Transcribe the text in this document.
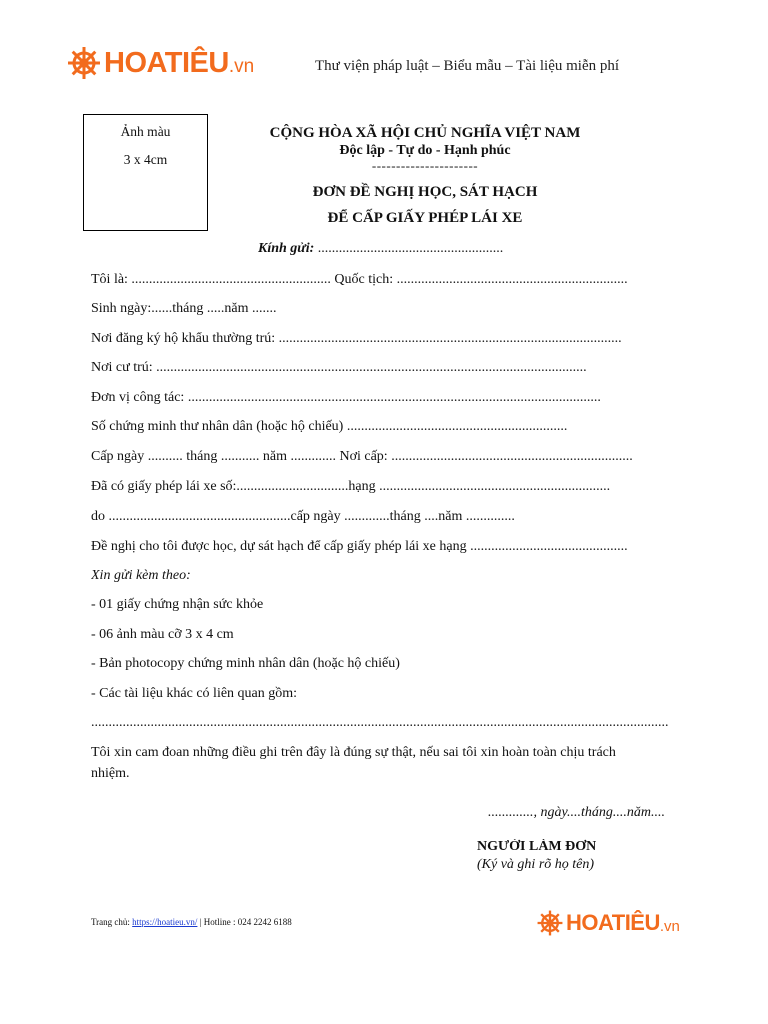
HOATIÊU .vn	Thư viện pháp luật – Biểu mẫu – Tài liệu miễn phí
Ảnh màu
3 x 4cm
CỘNG HÒA XÃ HỘI CHỦ NGHĨA VIỆT NAM
Độc lập - Tự do - Hạnh phúc
----------------------
ĐƠN ĐỀ NGHỊ HỌC, SÁT HẠCH
ĐỂ CẤP GIẤY PHÉP LÁI XE
Kính gửi: .....................................................
Tôi là: ......................................................... Quốc tịch: ..................................................................
Sinh ngày:......tháng .....năm .......
Nơi đăng ký hộ khẩu thường trú: ..................................................................................................
Nơi cư trú: ...........................................................................................................................
Đơn vị công tác: ......................................................................................................................
Số chứng minh thư nhân dân (hoặc hộ chiếu) ...............................................................
Cấp ngày .......... tháng ........... năm ............. Nơi cấp: .....................................................................
Đã có giấy phép lái xe số:................................hạng ..................................................................
do ....................................................cấp ngày .............tháng ....năm ..............
Đề nghị cho tôi được học, dự sát hạch để cấp giấy phép lái xe hạng .............................................
Xin gửi kèm theo:
- 01 giấy chứng nhận sức khỏe
- 06 ảnh màu cỡ 3 x 4 cm
- Bản photocopy chứng minh nhân dân (hoặc hộ chiếu)
- Các tài liệu khác có liên quan gồm:
.....................................................................................................................................................................
Tôi xin cam đoan những điều ghi trên đây là đúng sự thật, nếu sai tôi xin hoàn toàn chịu trách
nhiệm.
............., ngày....tháng....năm....
NGƯỜI LÀM ĐƠN
(Ký và ghi rõ họ tên)
Trang chủ: https://hoatieu.vn/ | Hotline : 024 2242 6188	HOATIÊU .vn
